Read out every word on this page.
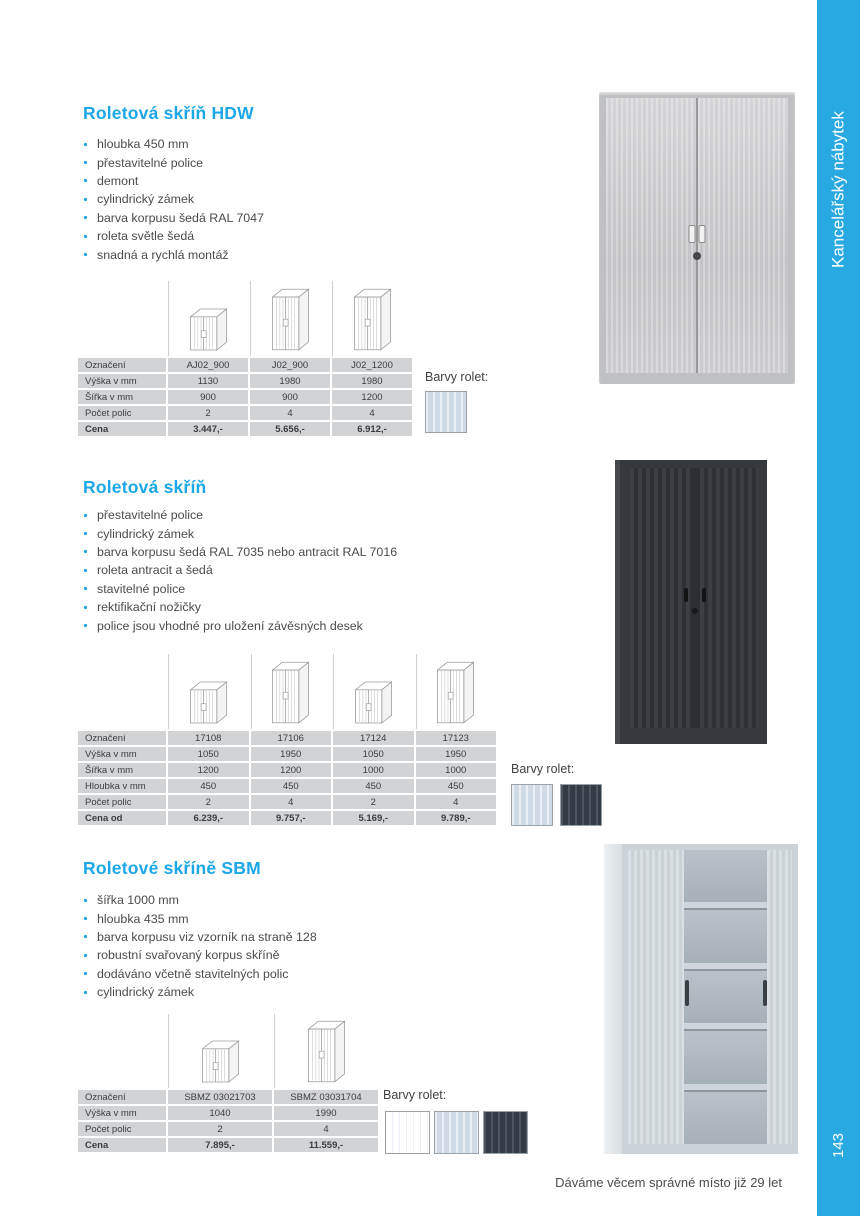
Roletová skříň HDW
hloubka 450 mm
přestavitelné police
demont
cylindrický zámek
barva korpusu šedá RAL 7047
roleta světle šedá
snadná a rychlá montáž
Označení	AJ02_900	J02_900	J02_1200
Výška v mm	1130	1980	1980
Šířka v mm	900	900	1200
Počet polic	2	4	4
Cena	3.447,-	5.656,-	6.912,-
Barvy rolet:
Roletová skříň
přestavitelné police
cylindrický zámek
barva korpusu šedá RAL 7035 nebo antracit RAL 7016
roleta antracit a šedá
stavitelné police
rektifikační nožičky
police jsou vhodné pro uložení závěsných desek
Označení	17108	17106	17124	17123
Výška v mm	1050	1950	1050	1950
Šířka v mm	1200	1200	1000	1000
Hloubka v mm	450	450	450	450
Počet polic	2	4	2	4
Cena od	6.239,-	9.757,-	5.169,-	9.789,-
Barvy rolet:
Roletové skříně SBM
šířka 1000 mm
hloubka 435 mm
barva korpusu viz vzorník na straně 128
robustní svařovaný korpus skříně
dodáváno včetně stavitelných polic
cylindrický zámek
Označení	SBMZ 03021703	SBMZ 03031704
Výška v mm	1040	1990
Počet polic	2	4
Cena	7.895,-	11.559,-
Barvy rolet:
Dáváme věcem správné místo již 29 let
Kancelářský nábytek
143
